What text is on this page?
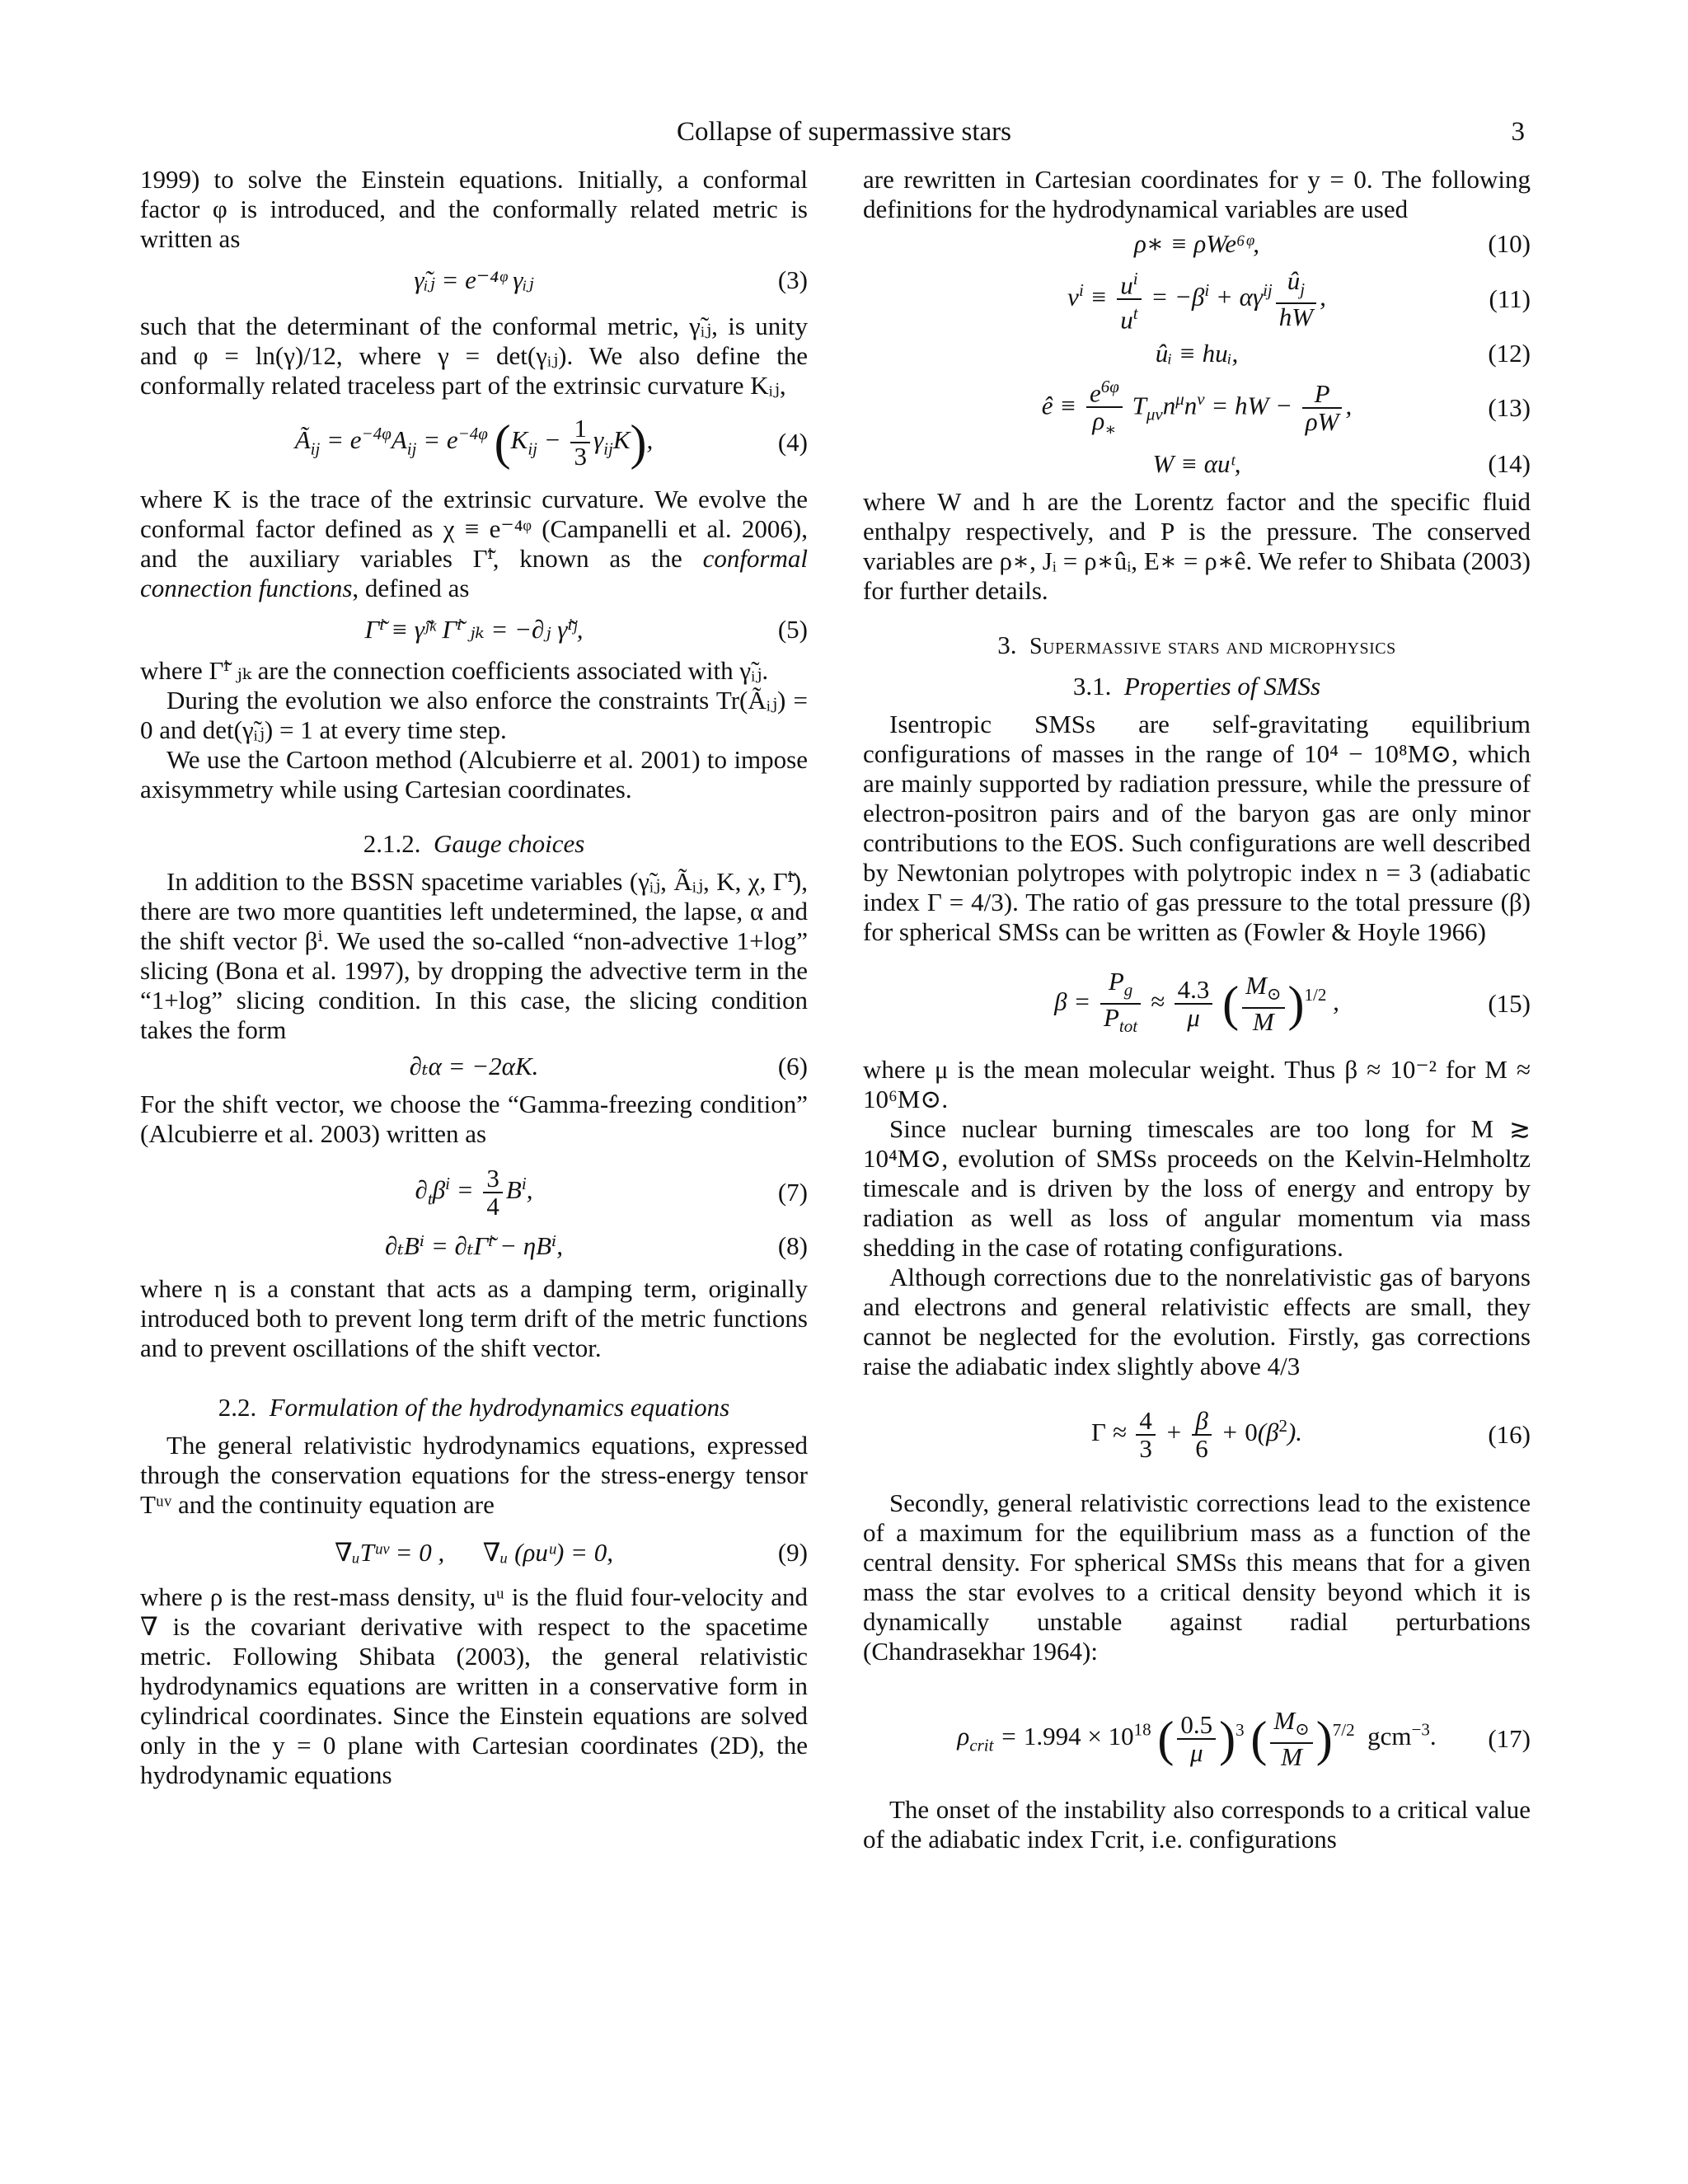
Collapse of supermassive stars	3

1999) to solve the Einstein equations. Initially, a conformal factor φ is introduced, and the conformally related metric is written as

γ̃ᵢⱼ = e⁻⁴ᵠ γᵢⱼ	(3)

such that the determinant of the conformal metric, γ̃ᵢⱼ, is unity and φ = ln(γ)/12, where γ = det(γᵢⱼ). We also define the conformally related traceless part of the extrinsic curvature Kᵢⱼ,

$Ã_{ij} = e^{-4\varphi}A_{ij} = e^{-4\varphi}$ $(K_{ij} - \frac{1}{3} \gamma_{ij}K)$,	(4)

where K is the trace of the extrinsic curvature. We evolve the conformal factor defined as χ ≡ e⁻⁴ᵠ (Campanelli et al. 2006), and the auxiliary variables Γ̃ⁱ, known as the conformal connection functions, defined as

Γ̃ⁱ ≡ γ̃ʲᵏ Γ̃ⁱ ⱼₖ = −∂ⱼ γ̃ⁱʲ,	(5)

where Γ̃ⁱ ⱼₖ are the connection coefficients associated with γ̃ᵢⱼ.

During the evolution we also enforce the constraints Tr(Ãᵢⱼ) = 0 and det(γ̃ᵢⱼ) = 1 at every time step.

We use the Cartoon method (Alcubierre et al. 2001) to impose axisymmetry while using Cartesian coordinates.

2.1.2. Gauge choices

In addition to the BSSN spacetime variables (γ̃ᵢⱼ, Ãᵢⱼ, K, χ, Γ̃ⁱ), there are two more quantities left undetermined, the lapse, α and the shift vector βⁱ. We used the so-called “non-advective 1+log” slicing (Bona et al. 1997), by dropping the advective term in the “1+log” slicing condition. In this case, the slicing condition takes the form

∂ₜα = −2αK.	(6)

For the shift vector, we choose the “Gamma-freezing condition” (Alcubierre et al. 2003) written as

$\partial_t\beta^i = \frac{3}{4} B^i$,	(7)
∂ₜBⁱ = ∂ₜΓ̃ⁱ − ηBⁱ,	(8)

where η is a constant that acts as a damping term, originally introduced both to prevent long term drift of the metric functions and to prevent oscillations of the shift vector.

2.2. Formulation of the hydrodynamics equations

The general relativistic hydrodynamics equations, expressed through the conservation equations for the stress-energy tensor Tᵘᵛ and the continuity equation are

∇ᵤTᵘᵛ = 0 ,      ∇ᵤ (ρuᵘ) = 0,	(9)

where ρ is the rest-mass density, uᵘ is the fluid four-velocity and ∇ is the covariant derivative with respect to the spacetime metric. Following Shibata (2003), the general relativistic hydrodynamics equations are written in a conservative form in cylindrical coordinates. Since the Einstein equations are solved only in the y = 0 plane with Cartesian coordinates (2D), the hydrodynamic equations

are rewritten in Cartesian coordinates for y = 0. The following definitions for the hydrodynamical variables are used

ρ∗ ≡ ρWe⁶ᵠ,	(10)
$v^i \equiv \frac{u^i}{u^t} = -\beta^i + \alpha\gamma^{ij} \frac{û_j}{hW}$ ,	(11)
ûᵢ ≡ huᵢ,	(12)
ê ≡ $\frac{e^{6\varphi}}{\rho_∗} T_{\mu\nu}n^\mu n^\nu$ = hW − $\frac{P}{\rho W}$ ,	(13)
W ≡ αuᵗ,	(14)

where W and h are the Lorentz factor and the specific fluid enthalpy respectively, and P is the pressure. The conserved variables are ρ∗, Jᵢ = ρ∗ûᵢ, E∗ = ρ∗ê. We refer to Shibata (2003) for further details.

3. Supermassive stars and microphysics
3.1. Properties of SMSs

Isentropic SMSs are self-gravitating equilibrium configurations of masses in the range of 10⁴ − 10⁸M⊙, which are mainly supported by radiation pressure, while the pressure of electron-positron pairs and of the baryon gas are only minor contributions to the EOS. Such configurations are well described by Newtonian polytropes with polytropic index n = 3 (adiabatic index Γ = 4/3). The ratio of gas pressure to the total pressure (β) for spherical SMSs can be written as (Fowler & Hoyle 1966)

$\beta = \frac{P_g}{P_{tot}} \approx \frac{4.3}{\mu}$ ( $\frac{M_⊙}{M} )^{1/2}$ ,	(15)

where μ is the mean molecular weight. Thus β ≈ 10⁻² for M ≈ 10⁶M⊙.

Since nuclear burning timescales are too long for M ≳ 10⁴M⊙, evolution of SMSs proceeds on the Kelvin-Helmholtz timescale and is driven by the loss of energy and entropy by radiation as well as loss of angular momentum via mass shedding in the case of rotating configurations.

Although corrections due to the nonrelativistic gas of baryons and electrons and general relativistic effects are small, they cannot be neglected for the evolution. Firstly, gas corrections raise the adiabatic index slightly above 4/3

$\Gamma \approx \frac{4}{3} + \frac{\beta}{6} + 0(\beta^2)$.	(16)

Secondly, general relativistic corrections lead to the existence of a maximum for the equilibrium mass as a function of the central density. For spherical SMSs this means that for a given mass the star evolves to a critical density beyond which it is dynamically unstable against radial perturbations (Chandrasekhar 1964):

$\rho_{crit} = 1.994 \times 10^{18}$ ( $\frac{0.5}{\mu} )^3$ ( $\frac{M_⊙}{M} )^{7/2}$  gcm$^{-3}$.	(17)

The onset of the instability also corresponds to a critical value of the adiabatic index Γcrit, i.e. configurations
